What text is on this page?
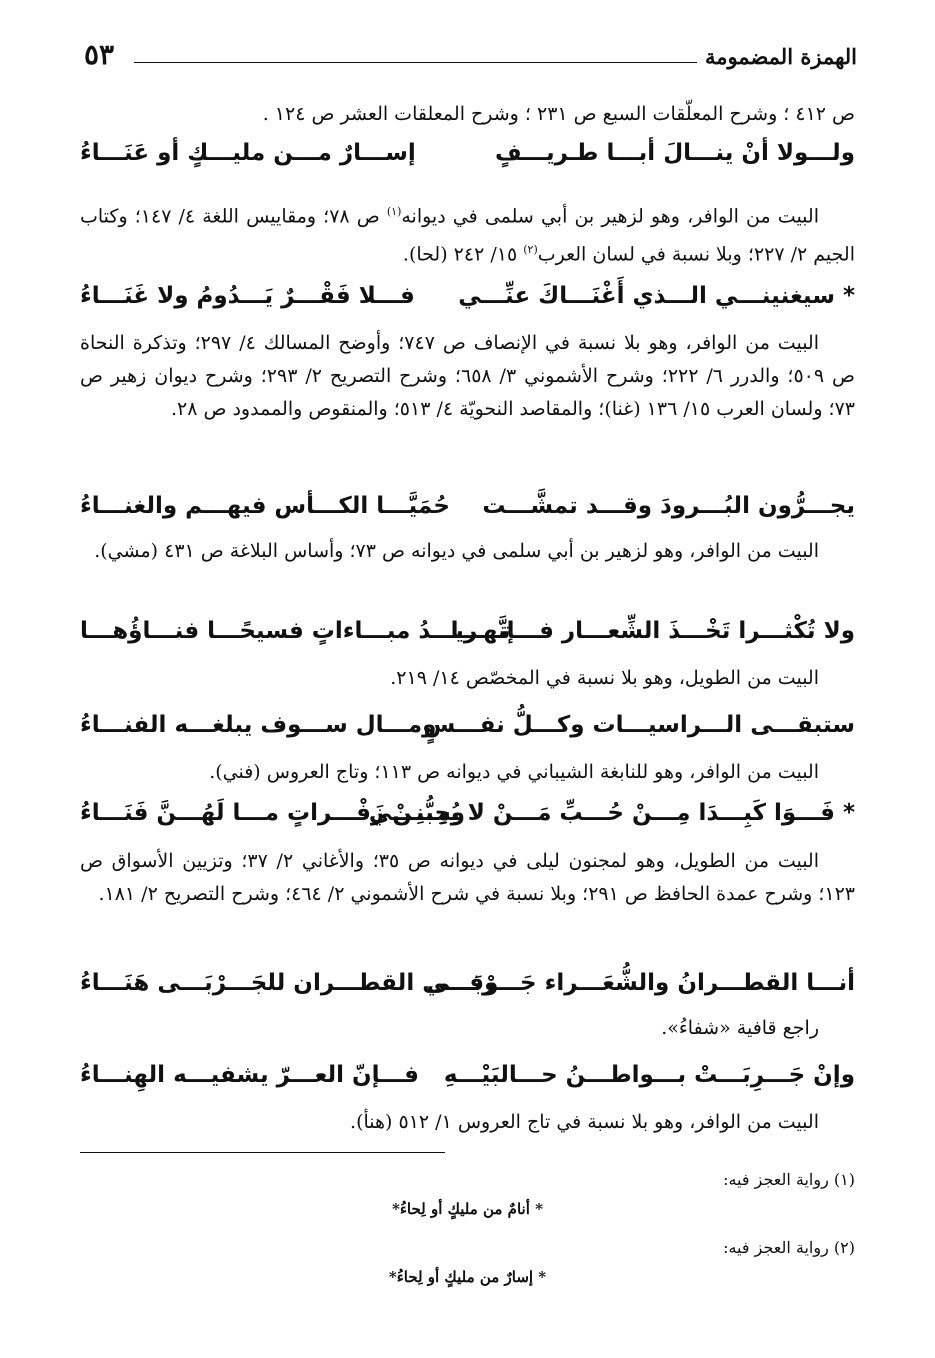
الهمزة المضمومة
٥٣
ص ٤١٢ ؛ وشرح المعلّقات السبع ص ٢٣١ ؛ وشرح المعلقات العشر ص ١٢٤ .
ولـــولا أنْ ينـــالَ أبـــا طـريـــفٍ
إســـارٌ مـــن مليـــكٍ أو عَنَـــاءُ
البيت من الوافر، وهو لزهير بن أبي سلمى في ديوانه$^{(١)}$ ص ٧٨؛ ومقاييس اللغة ٤/ ١٤٧؛ وكتاب الجيم ٢/ ٢٢٧؛ وبلا نسبة في لسان العرب$^{(٢)}$ ١٥/ ٢٤٢ (لحا).
* سيغنينـــي الـــذي أَغْنَـــاكَ عنِّـــي
فـــلا فَقْـــرٌ يَـــدُومُ ولا غَنَـــاءُ
البيت من الوافر، وهو بلا نسبة في الإنصاف ص ٧٤٧؛ وأوضح المسالك ٤/ ٢٩٧؛ وتذكرة النحاة ص ٥٠٩؛ والدرر ٦/ ٢٢٢؛ وشرح الأشموني ٣/ ٦٥٨؛ وشرح التصريح ٢/ ٢٩٣؛ وشرح ديوان زهير ص ٧٣؛ ولسان العرب ١٥/ ١٣٦ (غنا)؛ والمقاصد النحويّة ٤/ ٥١٣؛ والمنقوص والممدود ص ٢٨.
يجـــرُّون البُـــرودَ وقـــد تمشَّـــت
حُمَيَّـــا الكـــأس فيهـــم والغنـــاءُ
البيت من الوافر، وهو لزهير بن أبي سلمى في ديوانه ص ٧٣؛ وأساس البلاغة ص ٤٣١ (مشي).
ولا تُكْثـــرا تَخْـــذَ الشِّعـــار فـــإنَّهـــا
تـــريـــدُ مبـــاءاتٍ فسيحًـــا فنـــاؤُهـــا
البيت من الطويل، وهو بلا نسبة في المخصّص ١٤/ ٢١٩.
ستبقـــى الـــراسيـــات وكـــلُّ نفـــسٍ
ومـــال ســـوف يبلغـــه الفنـــاءُ
البيت من الوافر، وهو للنابغة الشيباني في ديوانه ص ١١٣؛ وتاج العروس (فني).
* فَـــوَا كَبِـــدَا مِـــنْ حُـــبِّ مَـــنْ لا يُحِبُّنِـــي
ومِـــنْ زَفْـــراتٍ مـــا لَهُـــنَّ فَنَـــاءُ
البيت من الطويل، وهو لمجنون ليلى في ديوانه ص ٣٥؛ والأغاني ٢/ ٣٧؛ وتزيين الأسواق ص ١٢٣؛ وشرح عمدة الحافظ ص ٢٩١؛ وبلا نسبة في شرح الأشموني ٢/ ٤٦٤؛ وشرح التصريح ٢/ ١٨١.
أنـــا القطـــرانُ والشُّعَـــراء جَـــرْبَـــى
وفـــي القطـــران للجَـــرْبَـــى هَنَـــاءُ
راجع قافية «شفاءُ».
وإنْ جَـــرِبَـــتْ بـــواطـــنُ حـــالبَيْـــهِ
فـــإنّ العـــرّ يشفيـــه الهِنـــاءُ
البيت من الوافر، وهو بلا نسبة في تاج العروس ١/ ٥١٢ (هنأ).
(١) رواية العجز فيه:
* أنامٌ من مليكٍ أو لِحاءُ*
(٢) رواية العجز فيه:
* إسارٌ من مليكٍ أو لِحاءُ*
